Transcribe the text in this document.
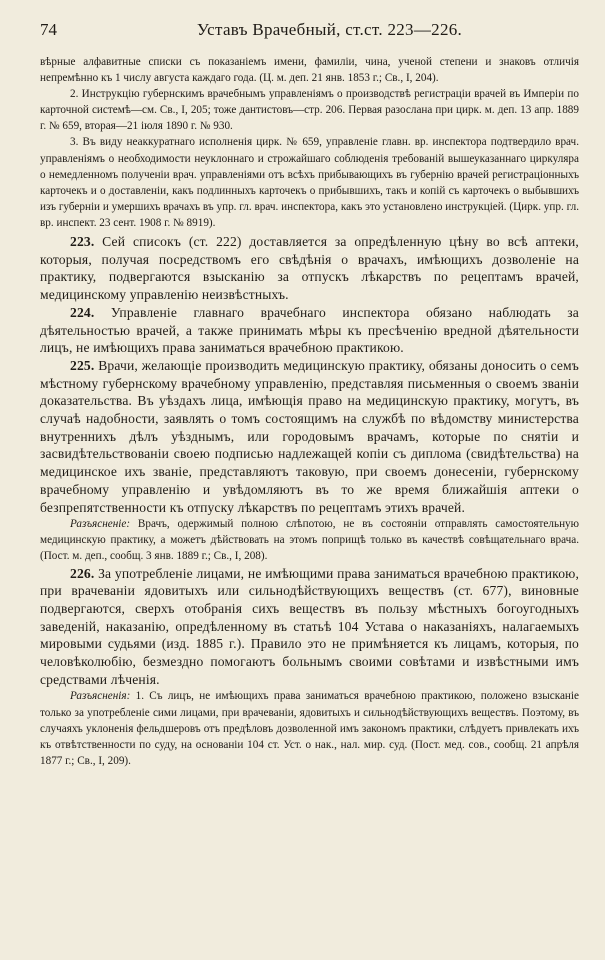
74	Уставъ Врачебный, ст.ст. 223—226.

вѣрные алфавитные списки съ показаніемъ имени, фамиліи, чина, ученой степени и знаковъ отличія непремѣнно къ 1 числу августа каждаго года. (Ц. м. деп. 21 янв. 1853 г.; Св., I, 204).

2. Инструкцію губернскимъ врачебнымъ управленіямъ о производствѣ регистраціи врачей въ Имперіи по карточной системѣ—см. Св., I, 205; тоже дантистовъ—стр. 206. Первая разослана при цирк. м. деп. 13 апр. 1889 г. № 659, вторая—21 іюля 1890 г. № 930.

3. Въ виду неаккуратнаго исполненія цирк. № 659, управленіе главн. вр. инспектора подтвердило врач. управленіямъ о необходимости неуклоннаго и строжайшаго соблюденія требованій вышеуказаннаго циркуляра о немедленномъ полученіи врач. управленіями отъ всѣхъ прибывающихъ въ губернію врачей регистраціонныхъ карточекъ и о доставленіи, какъ подлинныхъ карточекъ о прибывшихъ, такъ и копій съ карточекъ о выбывшихъ изъ губерніи и умершихъ врачахъ въ упр. гл. врач. инспектора, какъ это установлено инструкціей. (Цирк. упр. гл. вр. инспект. 23 сент. 1908 г. № 8919).

223. Сей списокъ (ст. 222) доставляется за опредѣленную цѣну во всѣ аптеки, которыя, получая посредствомъ его свѣдѣнія о врачахъ, имѣющихъ дозволеніе на практику, подвергаются взысканію за отпускъ лѣкарствъ по рецептамъ врачей, медицинскому управленію неизвѣстныхъ.

224. Управленіе главнаго врачебнаго инспектора обязано наблюдать за дѣятельностью врачей, а также принимать мѣры къ пресѣченію вредной дѣятельности лицъ, не имѣющихъ права заниматься врачебною практикою.

225. Врачи, желающіе производить медицинскую практику, обязаны доносить о семъ мѣстному губернскому врачебному управленію, представляя письменныя о своемъ званіи доказательства. Въ уѣздахъ лица, имѣющія право на медицинскую практику, могутъ, въ случаѣ надобности, заявлять о томъ состоящимъ на службѣ по вѣдомству министерства внутреннихъ дѣлъ уѣзднымъ, или городовымъ врачамъ, которые по снятіи и засвидѣтельствованіи своею подписью надлежащей копіи съ диплома (свидѣтельства) на медицинское ихъ званіе, представляютъ таковую, при своемъ донесеніи, губернскому врачебному управленію и увѣдомляютъ въ то же время ближайшія аптеки о безпрепятственности къ отпуску лѣкарствъ по рецептамъ этихъ врачей.

Разъясненіе: Врачъ, одержимый полною слѣпотою, не въ состояніи отправлять самостоятельную медицинскую практику, а можетъ дѣйствовать на этомъ поприщѣ только въ качествѣ совѣщательнаго врача. (Пост. м. деп., сообщ. 3 янв. 1889 г.; Св., I, 208).

226. За употребленіе лицами, не имѣющими права заниматься врачебною практикою, при врачеваніи ядовитыхъ или сильнодѣйствующихъ веществъ (ст. 677), виновные подвергаются, сверхъ отобранія сихъ веществъ въ пользу мѣстныхъ богоугодныхъ заведеній, наказанію, опредѣленному въ статьѣ 104 Устава о наказаніяхъ, налагаемыхъ мировыми судьями (изд. 1885 г.). Правило это не примѣняется къ лицамъ, которыя, по человѣколюбію, безмездно помогаютъ больнымъ своими совѣтами и извѣстными имъ средствами лѣченія.

Разъясненія: 1. Съ лицъ, не имѣющихъ права заниматься врачебною практикою, положено взысканіе только за употребленіе сими лицами, при врачеваніи, ядовитыхъ и сильнодѣйствующихъ веществъ. Поэтому, въ случаяхъ уклоненія фельдшеровъ отъ предѣловъ дозволенной имъ закономъ практики, слѣдуетъ привлекать ихъ къ отвѣтственности по суду, на основаніи 104 ст. Уст. о нак., нал. мир. суд. (Пост. мед. сов., сообщ. 21 апрѣля 1877 г.; Св., I, 209).
